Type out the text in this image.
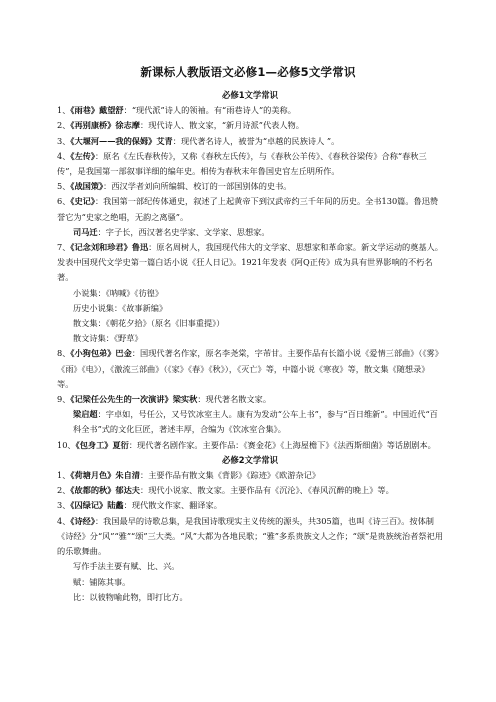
新课标人教版语文必修1—必修5文学常识
必修1文学常识

1、《雨巷》戴望舒：“现代派”诗人的领袖。有“雨巷诗人”的美称。

2、《再别康桥》徐志摩：现代诗人、散文家，“新月诗派”代表人物。

3、《大堰河——我的保姆》艾青：现代著名诗人，被誉为“卓越的民族诗人 ”。

4、《左传》：原名《左氏春秋传》，又称《春秋左氏传》，与《春秋公羊传》、《春秋谷梁传》合称“春秋三传”，是我国第一部叙事详细的编年史。相传为春秋末年鲁国史官左丘明所作。

5、《战国策》：西汉学者刘向所编辑、校订的一部国别体的史书。

6、《史记》：我国第一部纪传体通史，叙述了上起黄帝下到汉武帝约三千年间的历史。全书130篇。鲁迅赞誉它为“史家之绝唱，无韵之离骚”。

司马迁：字子长，西汉著名史学家、文学家、思想家。

7、《记念刘和珍君》鲁迅：原名周树人，我国现代伟大的文学家、思想家和革命家。新文学运动的奠基人。发表中国现代文学史第一篇白话小说《狂人日记》。1921年发表《阿Q正传》成为具有世界影响的不朽名著。

小说集：《呐喊》《彷徨》

历史小说集：《故事新编》

散文集：《朝花夕拾》（原名《旧事重提》）

散文诗集：《野草》

8、《小狗包弟》巴金：国现代著名作家，原名李尧棠，字芾甘。主要作品有长篇小说《爱情三部曲》（《雾》《雨》《电》），《激流三部曲》（《家》《春》《秋》），《灭亡》等，中篇小说《寒夜》等，散文集《随想录》等。

9、《记梁任公先生的一次演讲》梁实秋：现代著名散文家。

梁启超：字卓如，号任公，又号饮冰室主人。康有为发动“公车上书”，参与“百日维新”。中国近代“百科全书”式的文化巨匠，著述丰厚，合编为《饮冰室合集》。

10、《包身工》夏衍：现代著名剧作家。主要作品：《赛金花》《上海屋檐下》《法西斯细菌》等话剧剧本。

必修2文学常识

1、《荷塘月色》朱自清：主要作品有散文集《背影》《踪迹》《欧游杂记》

2、《故都的秋》郁达夫：现代小说家、散文家。主要作品有《沉沦》、《春风沉醉的晚上》等。

3、《囚绿记》陆蠡：现代散文作家、翻译家。

4、《诗经》：我国最早的诗歌总集，是我国诗歌现实主义传统的源头，共305篇，也叫《诗三百》。按体制《诗经》分“风”“雅”“颂”三大类。“风”大都为各地民歌；“雅”多系贵族文人之作；“颂”是贵族统治者祭祀用的乐歌舞曲。

写作手法主要有赋、比、兴。

赋：铺陈其事。

比：以彼物喻此物，即打比方。
